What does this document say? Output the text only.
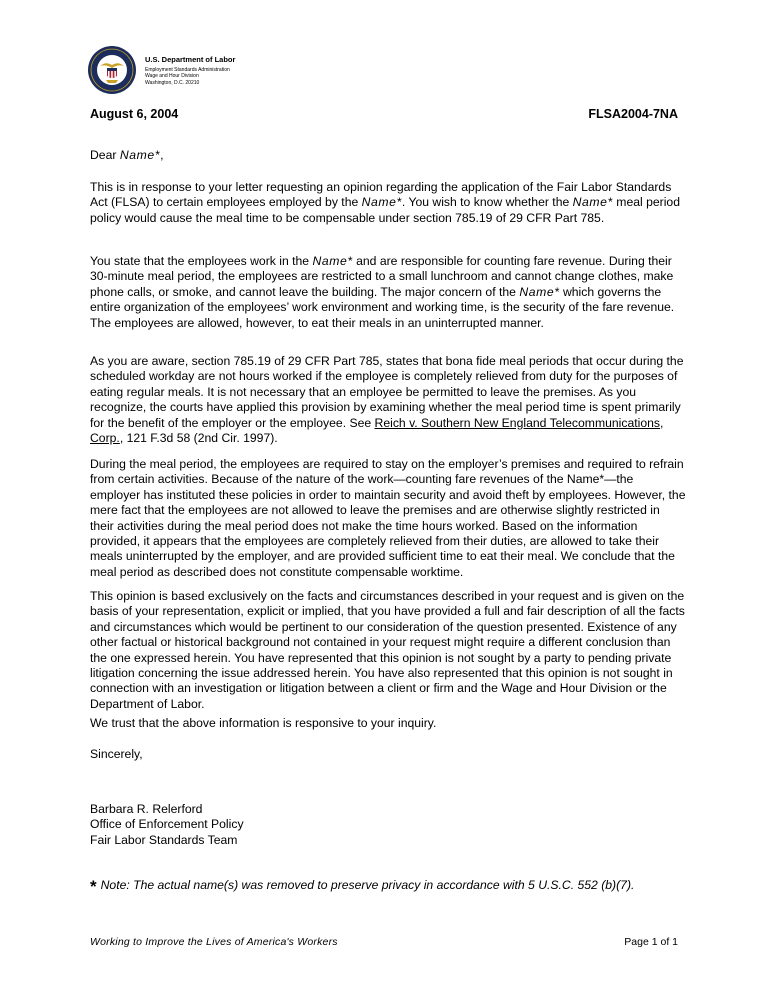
U.S. Department of Labor
Employment Standards Administration
Wage and Hour Division
Washington, D.C. 20210
August 6, 2004	FLSA2004-7NA

Dear Name*,

This is in response to your letter requesting an opinion regarding the application of the Fair Labor Standards Act (FLSA) to certain employees employed by the Name*. You wish to know whether the Name* meal period policy would cause the meal time to be compensable under section 785.19 of 29 CFR Part 785.

You state that the employees work in the Name* and are responsible for counting fare revenue. During their 30-minute meal period, the employees are restricted to a small lunchroom and cannot change clothes, make phone calls, or smoke, and cannot leave the building. The major concern of the Name* which governs the entire organization of the employees’ work environment and working time, is the security of the fare revenue. The employees are allowed, however, to eat their meals in an uninterrupted manner.

As you are aware, section 785.19 of 29 CFR Part 785, states that bona fide meal periods that occur during the scheduled workday are not hours worked if the employee is completely relieved from duty for the purposes of eating regular meals. It is not necessary that an employee be permitted to leave the premises. As you recognize, the courts have applied this provision by examining whether the meal period time is spent primarily for the benefit of the employer or the employee. See Reich v. Southern New England Telecommunications, Corp., 121 F.3d 58 (2nd Cir. 1997).

During the meal period, the employees are required to stay on the employer’s premises and required to refrain from certain activities. Because of the nature of the work—counting fare revenues of the Name*—the employer has instituted these policies in order to maintain security and avoid theft by employees. However, the mere fact that the employees are not allowed to leave the premises and are otherwise slightly restricted in their activities during the meal period does not make the time hours worked. Based on the information provided, it appears that the employees are completely relieved from their duties, are allowed to take their meals uninterrupted by the employer, and are provided sufficient time to eat their meal. We conclude that the meal period as described does not constitute compensable worktime.

This opinion is based exclusively on the facts and circumstances described in your request and is given on the basis of your representation, explicit or implied, that you have provided a full and fair description of all the facts and circumstances which would be pertinent to our consideration of the question presented. Existence of any other factual or historical background not contained in your request might require a different conclusion than the one expressed herein. You have represented that this opinion is not sought by a party to pending private litigation concerning the issue addressed herein. You have also represented that this opinion is not sought in connection with an investigation or litigation between a client or firm and the Wage and Hour Division or the Department of Labor.

We trust that the above information is responsive to your inquiry.

Sincerely,

Barbara R. Relerford

Office of Enforcement Policy

Fair Labor Standards Team

* Note: The actual name(s) was removed to preserve privacy in accordance with 5 U.S.C. 552 (b)(7).
Working to Improve the Lives of America's Workers	Page 1 of 1
